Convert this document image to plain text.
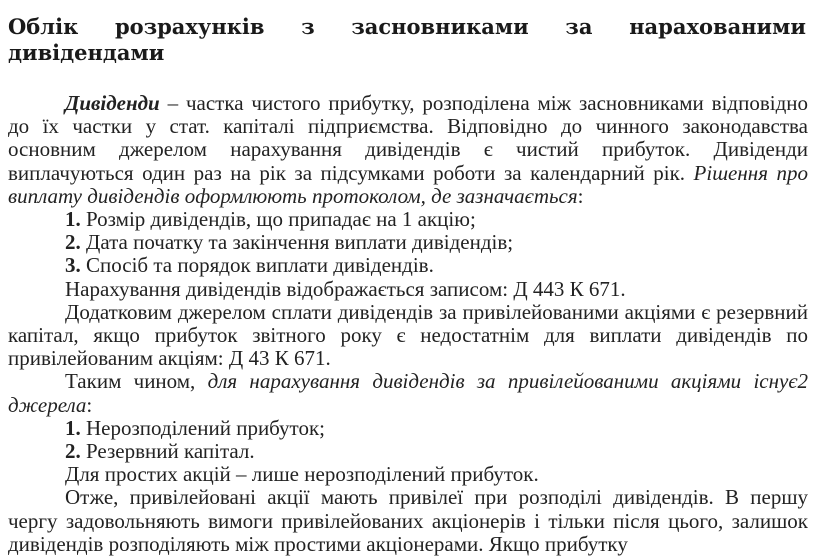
Облік розрахунків з засновниками за нарахованими
дивідендами

Дивіденди – частка чистого прибутку, розподілена між засновниками відповідно до їх частки у стат. капіталі підприємства. Відповідно до чинного законодавства основним джерелом нарахування дивідендів є чистий прибуток. Дивіденди виплачуються один раз на рік за підсумками роботи за календарний рік. Рішення про виплату дивідендів оформлюють протоколом, де зазначається:

1. Розмір дивідендів, що припадає на 1 акцію;

2. Дата початку та закінчення виплати дивідендів;

3. Спосіб та порядок виплати дивідендів.

Нарахування дивідендів відображається записом: Д 443 К 671.

Додатковим джерелом сплати дивідендів за привілейованими акціями є резервний капітал, якщо прибуток звітного року є недостатнім для виплати дивідендів по привілейованим акціям: Д 43 К 671.

Таким чином, для нарахування дивідендів за привілейованими акціями існує2 джерела:

1. Нерозподілений прибуток;

2. Резервний капітал.

Для простих акцій – лише нерозподілений прибуток.

Отже, привілейовані акції мають привілеї при розподілі дивідендів. В першу чергу задовольняють вимоги привілейованих акціонерів і тільки після цього, залишок дивідендів розподіляють між простими акціонерами. Якщо прибутку
